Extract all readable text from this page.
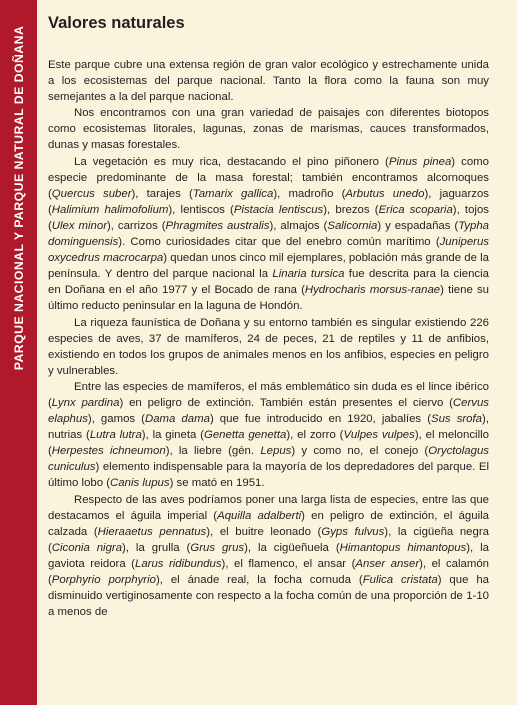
PARQUE NACIONAL Y PARQUE NATURAL DE DOÑANA
Valores naturales

Este parque cubre una extensa región de gran valor ecológico y estrechamente unida a los ecosistemas del parque nacional. Tanto la flora como la fauna son muy semejantes a la del parque nacional.

Nos encontramos con una gran variedad de paisajes con diferentes biotopos como ecosistemas litorales, lagunas, zonas de marismas, cauces transformados, dunas y masas forestales.

La vegetación es muy rica, destacando el pino piñonero (Pinus pinea) como especie predominante de la masa forestal; también encontramos alcornoques (Quercus suber), tarajes (Tamarix gallica), madroño (Arbutus unedo), jaguarzos (Halimium halimofolium), lentiscos (Pistacia lentiscus), brezos (Erica scoparia), tojos (Ulex minor), carrizos (Phragmites australis), almajos (Salicornia) y espadañas (Typha dominguensis). Como curiosidades citar que del enebro común marítimo (Juniperus oxycedrus macrocarpa) quedan unos cinco mil ejemplares, población más grande de la península. Y dentro del parque nacional la Linaria tursica fue descrita para la ciencia en Doñana en el año 1977 y el Bocado de rana (Hydrocharis morsus-ranae) tiene su último reducto peninsular en la laguna de Hondón.

La riqueza faunística de Doñana y su entorno también es singular existiendo 226 especies de aves, 37 de mamíferos, 24 de peces, 21 de reptiles y 11 de anfibios, existiendo en todos los grupos de animales menos en los anfibios, especies en peligro y vulnerables.

Entre las especies de mamíferos, el más emblemático sin duda es el lince ibérico (Lynx pardina) en peligro de extinción. También están presentes el ciervo (Cervus elaphus), gamos (Dama dama) que fue introducido en 1920, jabalíes (Sus srofa), nutrias (Lutra lutra), la gineta (Genetta genetta), el zorro (Vulpes vulpes), el meloncillo (Herpestes ichneumon), la liebre (gén. Lepus) y como no, el conejo (Oryctolagus cuniculus) elemento indispensable para la mayoría de los depredadores del parque. El último lobo (Canis lupus) se mató en 1951.

Respecto de las aves podríamos poner una larga lista de especies, entre las que destacamos el águila imperial (Aquilla adalberti) en peligro de extinción, el águila calzada (Hieraaetus pennatus), el buitre leonado (Gyps fulvus), la cigüeña negra (Ciconia nigra), la grulla (Grus grus), la cigüeñuela (Himantopus himantopus), la gaviota reidora (Larus ridibundus), el flamenco, el ansar (Anser anser), el calamón (Porphyrio porphyrio), el ánade real, la focha cornuda (Fulica cristata) que ha disminuido vertiginosamente con respecto a la focha común de una proporción de 1-10 a menos de
